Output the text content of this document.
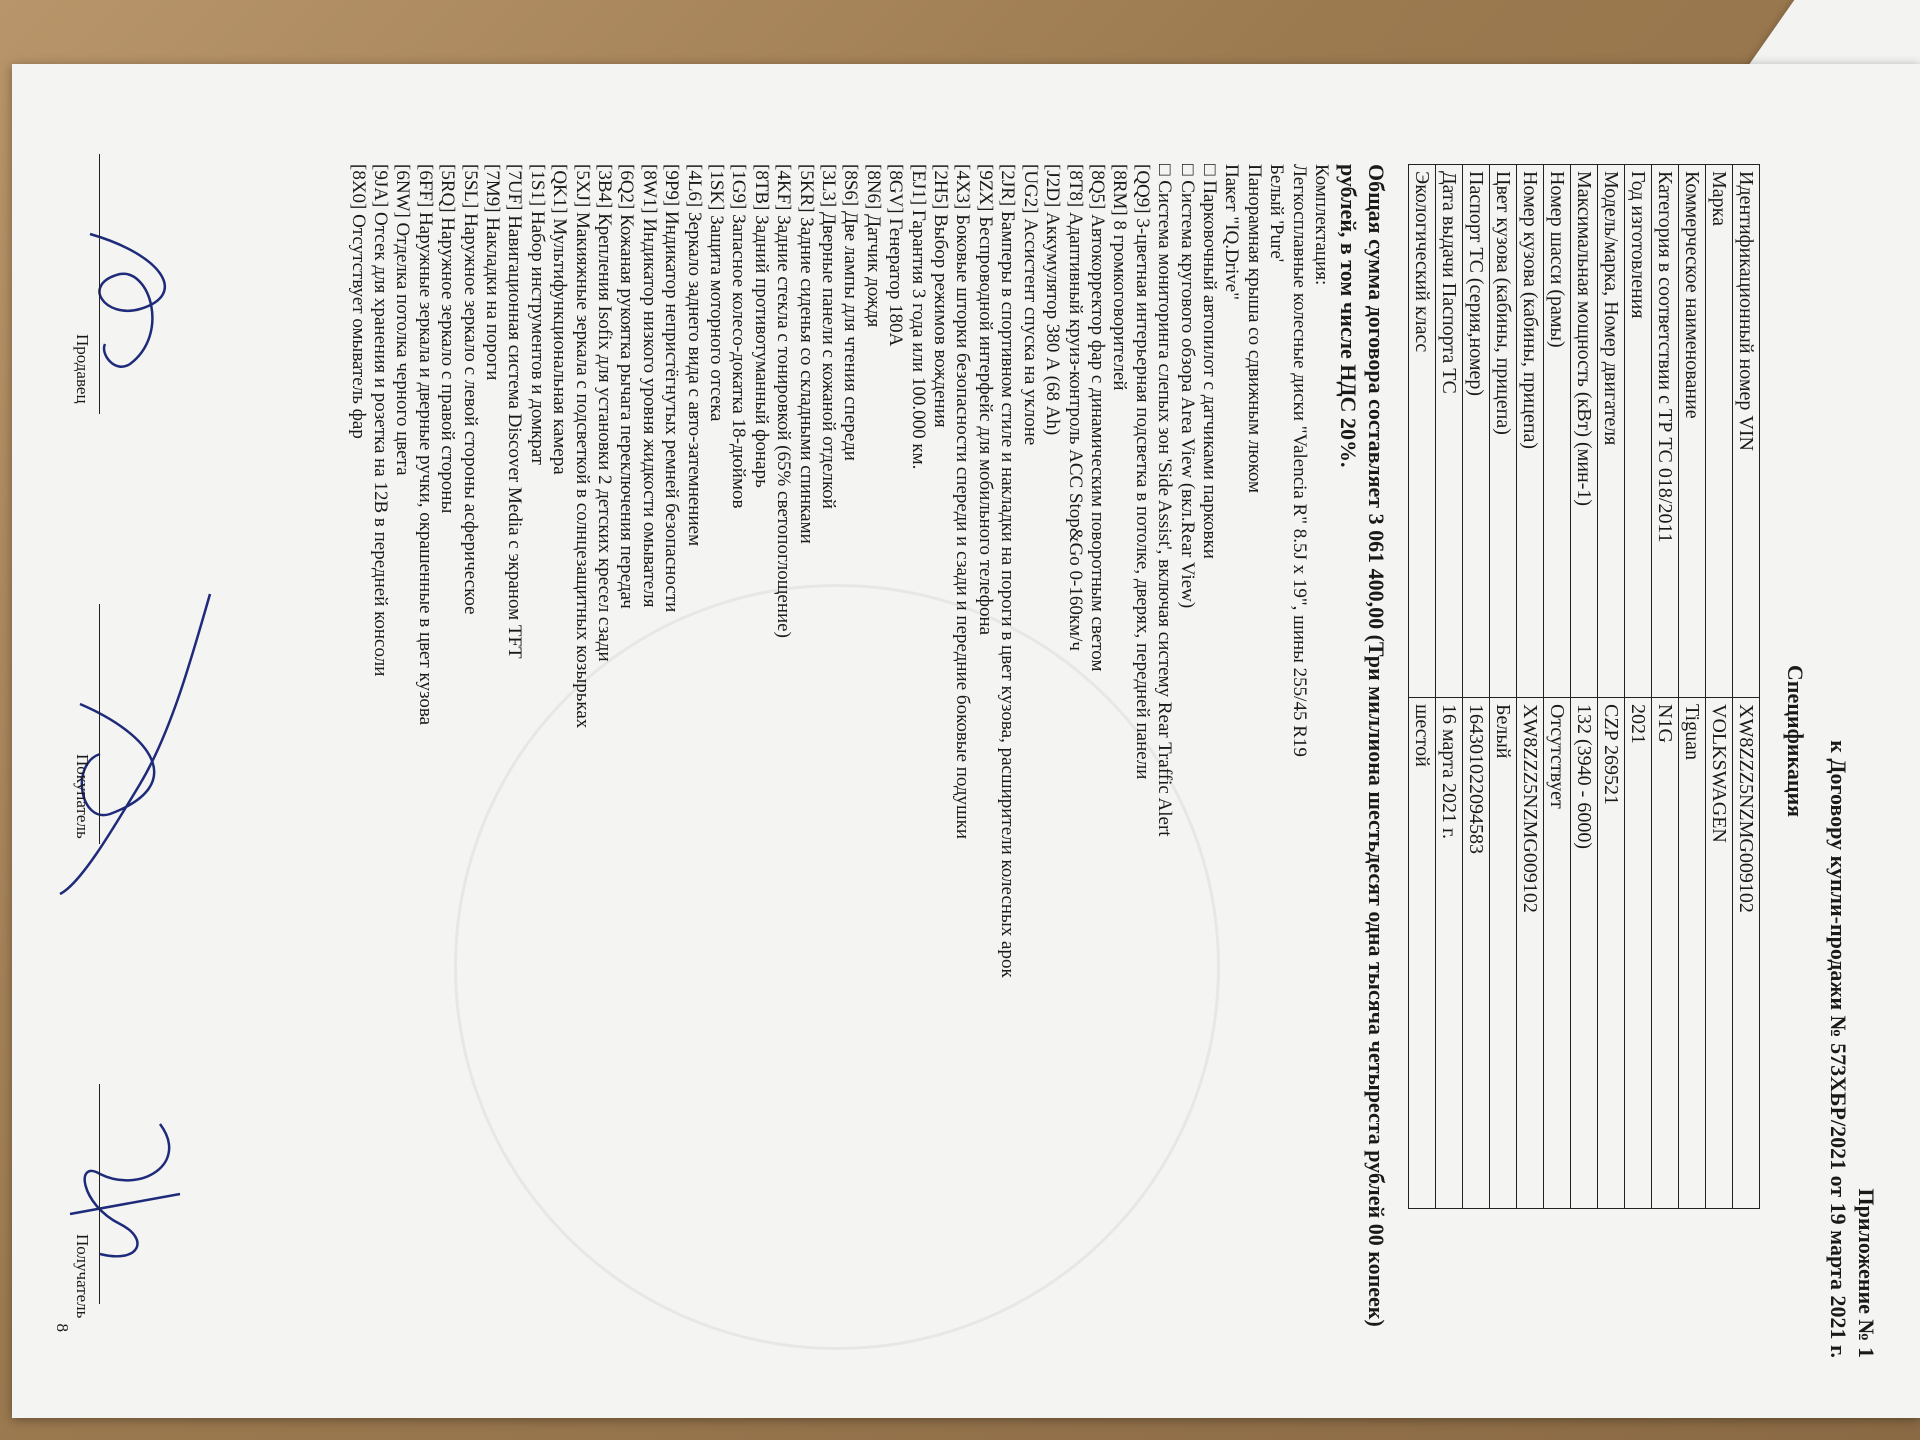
Приложение № 1
к Договору купли-продажи № 573ХБР/2021 от 19 марта 2021 г.
Спецификация
Идентификационный номер VIN	XW8ZZZ5NZMG009102
Марка	VOLKSWAGEN
Коммерческое наименование	Tiguan
Категория в соответствии с ТР ТС 018/2011	N1G
Год изготовления	2021
Модель/марка, Номер двигателя	CZP 269521
Максимальная мощность (кВт) (мин-1)	132 (3940 - 6000)
Номер шасси (рамы)	Отсутствует
Номер кузова (кабины, прицепа)	XW8ZZZ5NZMG009102
Цвет кузова (кабины, прицепа)	Белый
Паспорт ТС (серия,номер)	164301022094583
Дата выдачи Паспорта ТС	16 марта 2021 г.
Экологический класс	шестой
Общая сумма договора составляет 3 061 400,00 (Три миллиона шестьдесят одна тысяча четыреста рублей 00 копеек) рублей, в том числе НДС 20%.
Комплектация:
Легкосплавные колесные диски "Valencia R" 8.5J x 19", шины 255/45 R19
Белый 'Pure'
Панорамная крыша со сдвижным люком
Пакет "IQ.Drive"
□ Парковочный автопилот с датчиками парковки
□ Система кругового обзора Area View (вкл.Rear View)
□ Система мониторинга слепых зон 'Side Assist', включая систему Rear Traffic Alert
[QQ9] 3-цветная интерьерная подсветка в потолке, дверях, передней панели
[8RM] 8 громкоговорителей
[8Q5] Автокорректор фар с динамическим поворотным светом
[8T8] Адаптивный круиз-контроль ACC Stop&Go 0-160км/ч
[J2D] Аккумулятор 380 А (68 Ah)
[UG2] Ассистент спуска на уклоне
[2JR] Бамперы в спортивном стиле и накладки на пороги в цвет кузова, расширители колесных арок
[9ZX] Беспроводной интерфейс для мобильного телефона
[4X3] Боковые шторки безопасности спереди и сзади и передние боковые подушки
[2H5] Выбор режимов вождения
[EJ1] Гарантия 3 года или 100.000 км.
[8GV] Генератор 180А
[8N6] Датчик дождя
[8S6] Две лампы для чтения спереди
[3L3] Дверные панели с кожаной отделкой
[5KR] Задние сиденья со складными спинками
[4KF] Задние стекла с тонировкой (65% светопоглощение)
[8TB] Задний противотуманный фонарь
[1G9] Запасное колесо-докатка 18-дюймов
[1SK] Защита моторного отсека
[4L6] Зеркало заднего вида с авто-затемнением
[9P9] Индикатор непристёгнутых ремней безопасности
[8W1] Индикатор низкого уровня жидкости омывателя
[6Q2] Кожаная рукоятка рычага переключения передач
[3B4] Крепления Isofix для установки 2 детских кресел сзади
[5XJ] Макияжные зеркала с подсветкой в солнцезащитных козырьках
[QK1] Мультифункциональная камера
[1S1] Набор инструментов и домкрат
[7UF] Навигационная система Discover Media с экраном TFT
[7M9] Накладки на пороги
[5SL] Наружное зеркало с левой стороны асферическое
[5RQ] Наружное зеркало с правой стороны
[6FF] Наружные зеркала и дверные ручки, окрашенные в цвет кузова
[6NW] Отделка потолка черного цвета
[9JA] Отсек для хранения и розетка на 12В в передней консоли
[8X0] Отсутствует омыватель фар
Продавец
Покупатель
Получатель
8
